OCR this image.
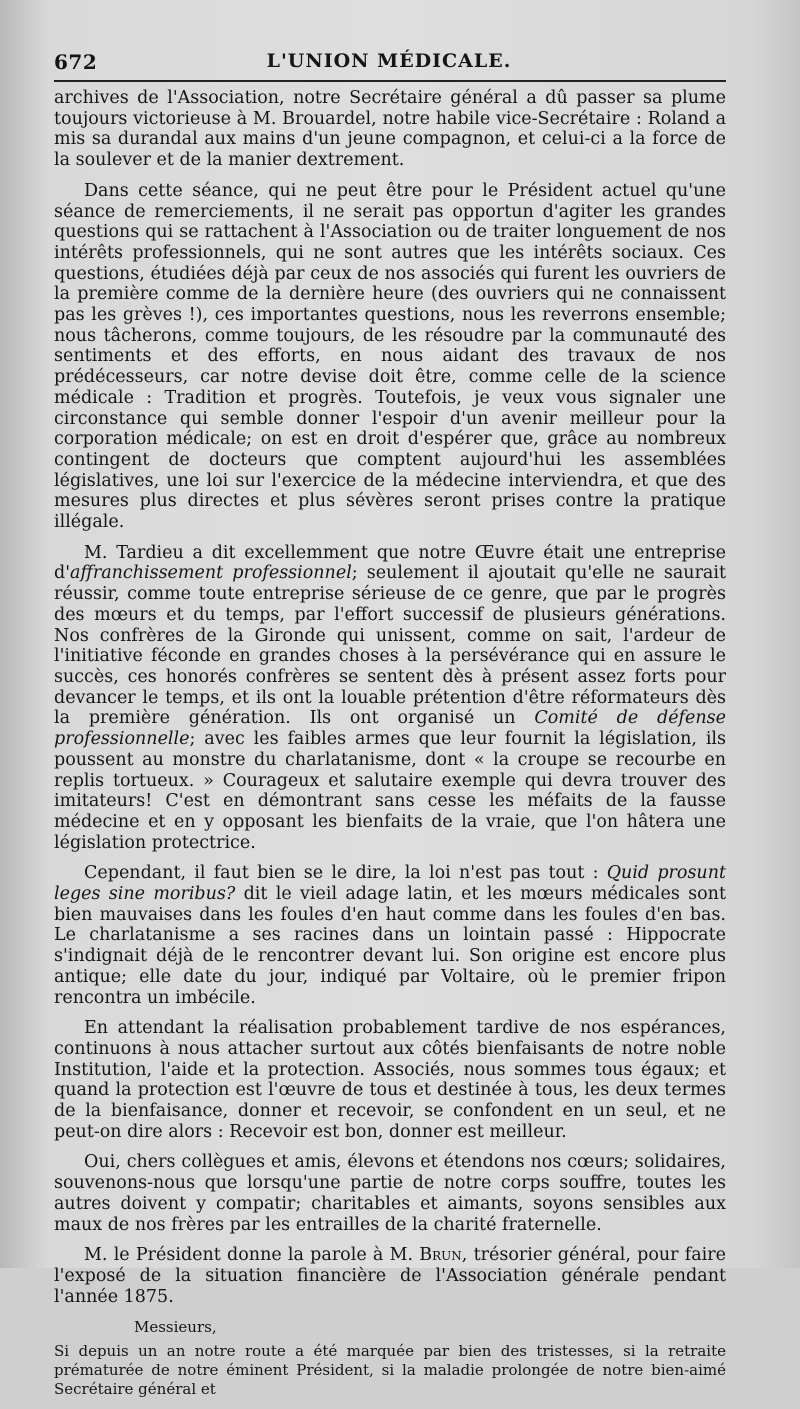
672	L'UNION MÉDICALE.

archives de l'Association, notre Secrétaire général a dû passer sa plume toujours victorieuse à M. Brouardel, notre habile vice-Secrétaire : Roland a mis sa durandal aux mains d'un jeune compagnon, et celui-ci a la force de la soulever et de la manier dextrement.

Dans cette séance, qui ne peut être pour le Président actuel qu'une séance de remerciements, il ne serait pas opportun d'agiter les grandes questions qui se rattachent à l'Association ou de traiter longuement de nos intérêts professionnels, qui ne sont autres que les intérêts sociaux. Ces questions, étudiées déjà par ceux de nos associés qui furent les ouvriers de la première comme de la dernière heure (des ouvriers qui ne connaissent pas les grèves !), ces importantes questions, nous les reverrons ensemble; nous tâcherons, comme toujours, de les résoudre par la communauté des sentiments et des efforts, en nous aidant des travaux de nos prédécesseurs, car notre devise doit être, comme celle de la science médicale : Tradition et progrès. Toutefois, je veux vous signaler une circonstance qui semble donner l'espoir d'un avenir meilleur pour la corporation médicale; on est en droit d'espérer que, grâce au nombreux contingent de docteurs que comptent aujourd'hui les assemblées législatives, une loi sur l'exercice de la médecine interviendra, et que des mesures plus directes et plus sévères seront prises contre la pratique illégale.

M. Tardieu a dit excellemment que notre Œuvre était une entreprise d'affranchissement professionnel; seulement il ajoutait qu'elle ne saurait réussir, comme toute entreprise sérieuse de ce genre, que par le progrès des mœurs et du temps, par l'effort successif de plusieurs générations. Nos confrères de la Gironde qui unissent, comme on sait, l'ardeur de l'initiative féconde en grandes choses à la persévérance qui en assure le succès, ces honorés confrères se sentent dès à présent assez forts pour devancer le temps, et ils ont la louable prétention d'être réformateurs dès la première génération. Ils ont organisé un Comité de défense professionnelle; avec les faibles armes que leur fournit la législation, ils poussent au monstre du charlatanisme, dont « la croupe se recourbe en replis tortueux. » Courageux et salutaire exemple qui devra trouver des imitateurs! C'est en démontrant sans cesse les méfaits de la fausse médecine et en y opposant les bienfaits de la vraie, que l'on hâtera une législation protectrice.

Cependant, il faut bien se le dire, la loi n'est pas tout : Quid prosunt leges sine moribus? dit le vieil adage latin, et les mœurs médicales sont bien mauvaises dans les foules d'en haut comme dans les foules d'en bas. Le charlatanisme a ses racines dans un lointain passé : Hippocrate s'indignait déjà de le rencontrer devant lui. Son origine est encore plus antique; elle date du jour, indiqué par Voltaire, où le premier fripon rencontra un imbécile.

En attendant la réalisation probablement tardive de nos espérances, continuons à nous attacher surtout aux côtés bienfaisants de notre noble Institution, l'aide et la protection. Associés, nous sommes tous égaux; et quand la protection est l'œuvre de tous et destinée à tous, les deux termes de la bienfaisance, donner et recevoir, se confondent en un seul, et ne peut-on dire alors : Recevoir est bon, donner est meilleur.

Oui, chers collègues et amis, élevons et étendons nos cœurs; solidaires, souvenons-nous que lorsqu'une partie de notre corps souffre, toutes les autres doivent y compatir; charitables et aimants, soyons sensibles aux maux de nos frères par les entrailles de la charité fraternelle.

M. le Président donne la parole à M. Brun, trésorier général, pour faire l'exposé de la situation financière de l'Association générale pendant l'année 1875.

Messieurs,

Si depuis un an notre route a été marquée par bien des tristesses, si la retraite prématurée de notre éminent Président, si la maladie prolongée de notre bien-aimé Secrétaire général et
